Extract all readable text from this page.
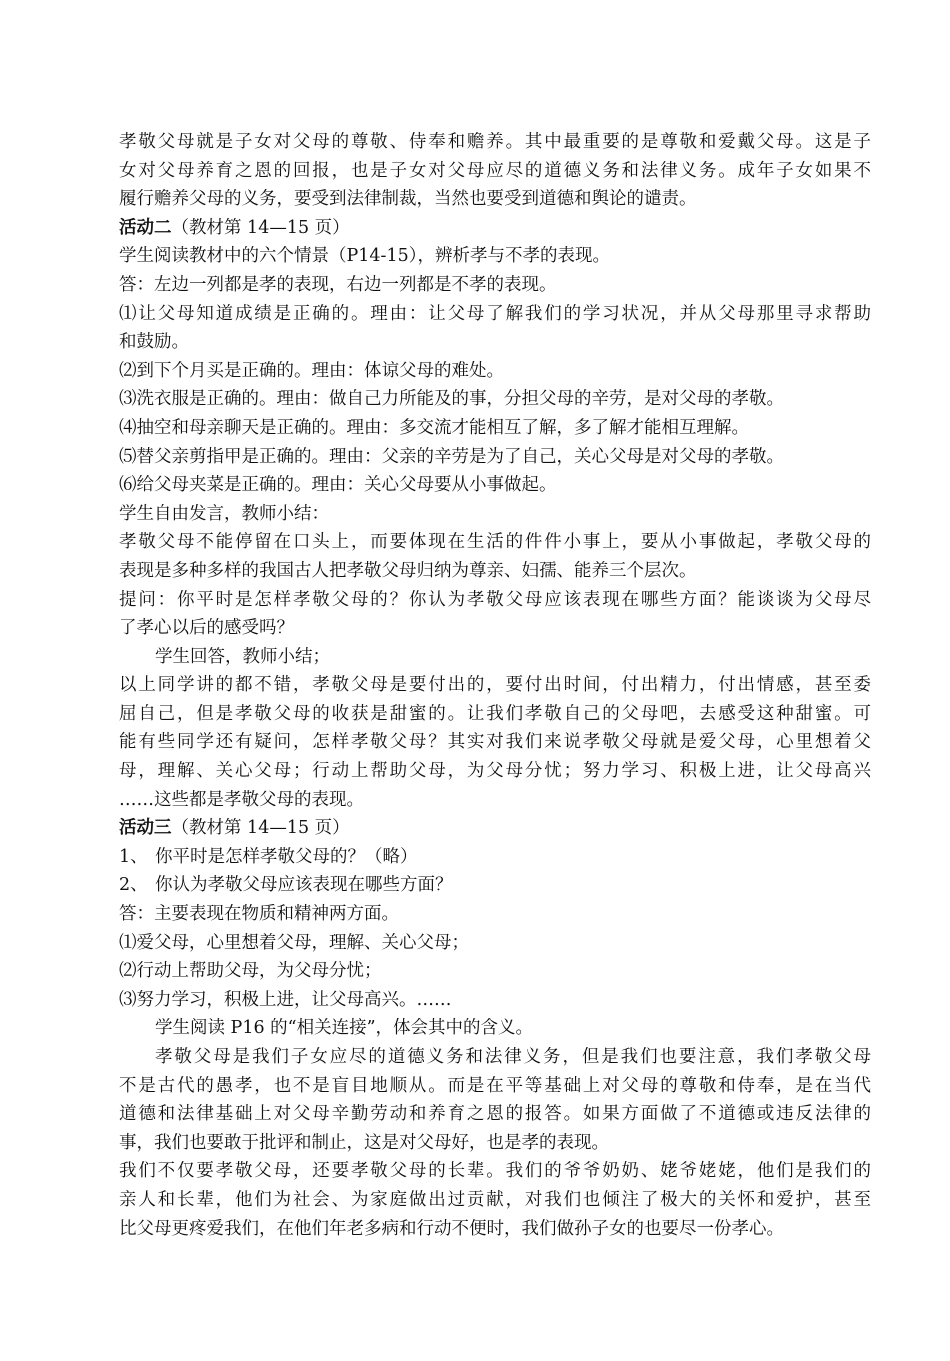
孝敬父母就是子女对父母的尊敬、侍奉和赡养。其中最重要的是尊敬和爱戴父母。这是子
女对父母养育之恩的回报，也是子女对父母应尽的道德义务和法律义务。成年子女如果不
履行赡养父母的义务，要受到法律制裁，当然也要受到道德和舆论的谴责。
活动二（教材第 14—15 页）
学生阅读教材中的六个情景（P14-15），辨析孝与不孝的表现。
答：左边一列都是孝的表现，右边一列都是不孝的表现。
⑴让父母知道成绩是正确的。理由：让父母了解我们的学习状况，并从父母那里寻求帮助
和鼓励。
⑵到下个月买是正确的。理由：体谅父母的难处。
⑶洗衣服是正确的。理由：做自己力所能及的事，分担父母的辛劳，是对父母的孝敬。
⑷抽空和母亲聊天是正确的。理由：多交流才能相互了解，多了解才能相互理解。
⑸替父亲剪指甲是正确的。理由：父亲的辛劳是为了自己，关心父母是对父母的孝敬。
⑹给父母夹菜是正确的。理由：关心父母要从小事做起。
学生自由发言，教师小结：
孝敬父母不能停留在口头上，而要体现在生活的件件小事上，要从小事做起，孝敬父母的
表现是多种多样的我国古人把孝敬父母归纳为尊亲、妇孺、能养三个层次。
提问：你平时是怎样孝敬父母的？你认为孝敬父母应该表现在哪些方面？能谈谈为父母尽
了孝心以后的感受吗？
学生回答，教师小结；
以上同学讲的都不错，孝敬父母是要付出的，要付出时间，付出精力，付出情感，甚至委
屈自己，但是孝敬父母的收获是甜蜜的。让我们孝敬自己的父母吧，去感受这种甜蜜。可
能有些同学还有疑问，怎样孝敬父母？其实对我们来说孝敬父母就是爱父母，心里想着父
母，理解、关心父母；行动上帮助父母，为父母分忧；努力学习、积极上进，让父母高兴
……这些都是孝敬父母的表现。
活动三（教材第 14—15 页）
1、 你平时是怎样孝敬父母的？（略）
2、 你认为孝敬父母应该表现在哪些方面？
答：主要表现在物质和精神两方面。
⑴爱父母，心里想着父母，理解、关心父母；
⑵行动上帮助父母，为父母分忧；
⑶努力学习，积极上进，让父母高兴。……
学生阅读 P16 的“相关连接”，体会其中的含义。
孝敬父母是我们子女应尽的道德义务和法律义务，但是我们也要注意，我们孝敬父母
不是古代的愚孝，也不是盲目地顺从。而是在平等基础上对父母的尊敬和侍奉，是在当代
道德和法律基础上对父母辛勤劳动和养育之恩的报答。如果方面做了不道德或违反法律的
事，我们也要敢于批评和制止，这是对父母好，也是孝的表现。
我们不仅要孝敬父母，还要孝敬父母的长辈。我们的爷爷奶奶、姥爷姥姥，他们是我们的
亲人和长辈，他们为社会、为家庭做出过贡献，对我们也倾注了极大的关怀和爱护，甚至
比父母更疼爱我们，在他们年老多病和行动不便时，我们做孙子女的也要尽一份孝心。
